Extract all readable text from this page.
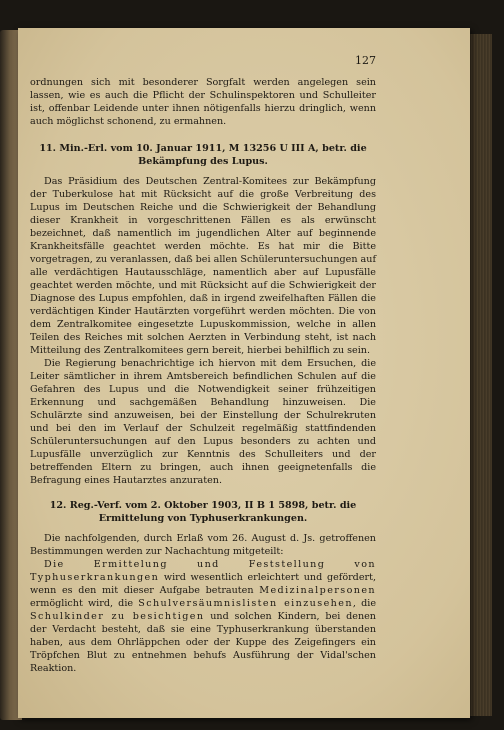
127

ordnungen sich mit besonderer Sorgfalt werden angelegen sein lassen, wie es auch die Pflicht der Schulinspektoren und Schulleiter ist, offenbar Leidende unter ihnen nötigenfalls hierzu dringlich, wenn auch möglichst schonend, zu ermahnen.

11. Min.-Erl. vom 10. Januar 1911, M 13256 U III A, betr. die Bekämpfung des Lupus.

Das Präsidium des Deutschen Zentral-Komitees zur Bekämpfung der Tuberkulose hat mit Rücksicht auf die große Verbreitung des Lupus im Deutschen Reiche und die Schwierigkeit der Behandlung dieser Krankheit in vorgeschrittenen Fällen es als erwünscht bezeichnet, daß namentlich im jugendlichen Alter auf beginnende Krankheitsfälle geachtet werden möchte. Es hat mir die Bitte vorgetragen, zu veranlassen, daß bei allen Schüleruntersuchungen auf alle verdächtigen Hautausschläge, namentlich aber auf Lupusfälle geachtet werden möchte, und mit Rücksicht auf die Schwierigkeit der Diagnose des Lupus empfohlen, daß in irgend zweifelhaften Fällen die verdächtigen Kinder Hautärzten vorgeführt werden möchten. Die von dem Zentralkomitee eingesetzte Lupuskommission, welche in allen Teilen des Reiches mit solchen Aerzten in Verbindung steht, ist nach Mitteilung des Zentralkomitees gern bereit, hierbei behilflich zu sein.

Die Regierung benachrichtige ich hiervon mit dem Ersuchen, die Leiter sämtlicher in ihrem Amtsbereich befindlichen Schulen auf die Gefahren des Lupus und die Notwendigkeit seiner frühzeitigen Erkennung und sachgemäßen Behandlung hinzuweisen. Die Schulärzte sind anzuweisen, bei der Einstellung der Schulrekruten und bei den im Verlauf der Schulzeit regelmäßig stattfindenden Schüleruntersuchungen auf den Lupus besonders zu achten und Lupusfälle unverzüglich zur Kenntnis des Schulleiters und der betreffenden Eltern zu bringen, auch ihnen geeignetenfalls die Befragung eines Hautarztes anzuraten.

12. Reg.-Verf. vom 2. Oktober 1903, II B 1 5898, betr. die Ermittelung von Typhuserkrankungen.

Die nachfolgenden, durch Erlaß vom 26. August d. Js. getroffenen Bestimmungen werden zur Nachachtung mitgeteilt:

Die Ermittelung und Feststellung von Typhuserkrankungen wird wesentlich erleichtert und gefördert, wenn es den mit dieser Aufgabe betrauten Medizinalpersonen ermöglicht wird, die Schulversäumnislisten einzusehen, die Schulkinder zu besichtigen und solchen Kindern, bei denen der Verdacht besteht, daß sie eine Typhuserkrankung überstanden haben, aus dem Ohrläppchen oder der Kuppe des Zeigefingers ein Tröpfchen Blut zu entnehmen behufs Ausführung der Vidal'schen Reaktion.
